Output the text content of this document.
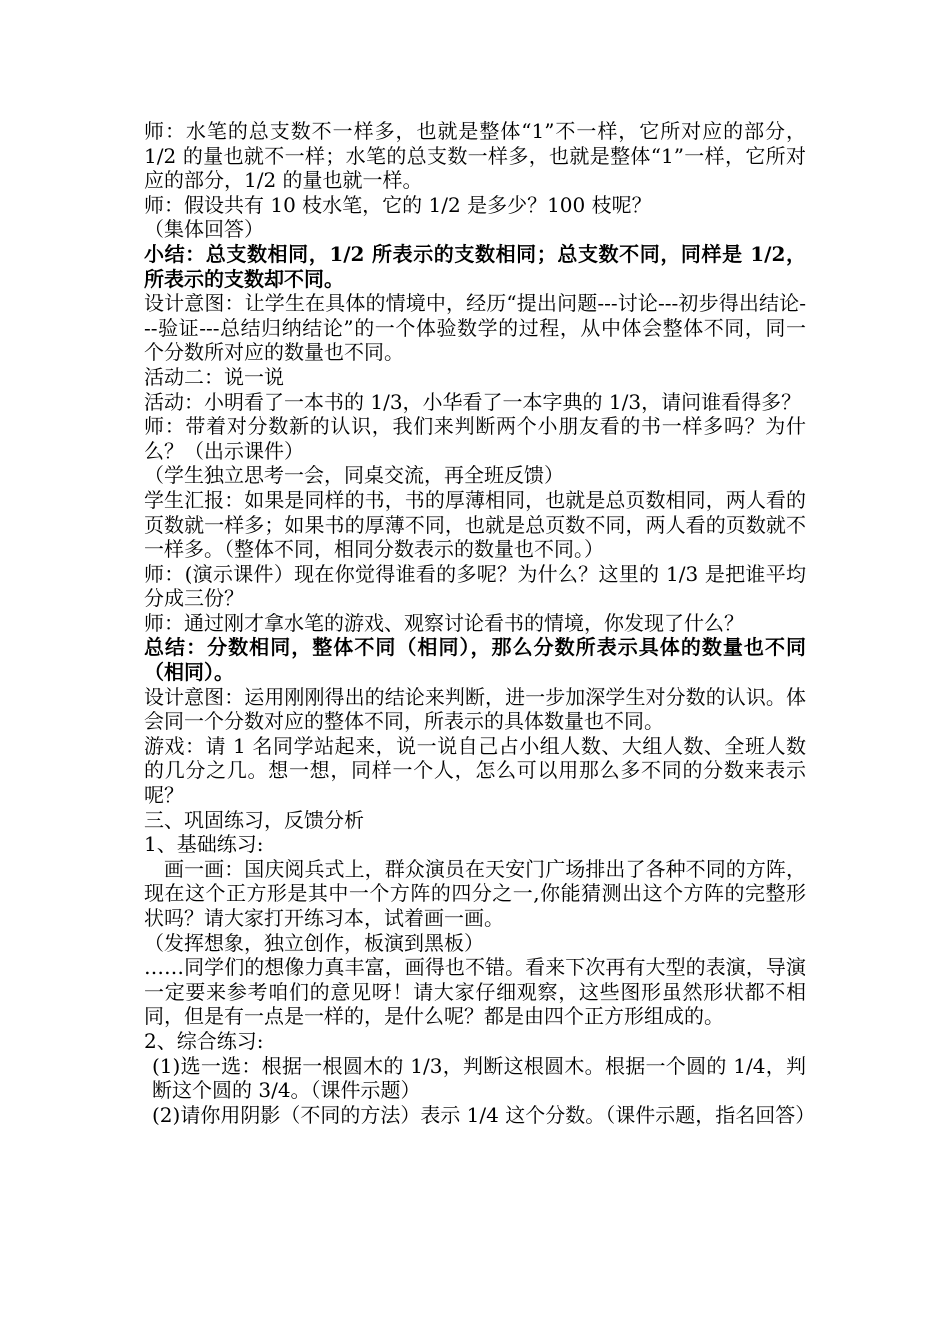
师：水笔的总支数不一样多，也就是整体“1”不一样，它所对应的部分，1/2 的量也就不一样；水笔的总支数一样多，也就是整体“1”一样，它所对应的部分，1/2 的量也就一样。

师：假设共有 10 枝水笔，它的 1/2 是多少？100 枝呢？

（集体回答）

小结：总支数相同，1/2 所表示的支数相同；总支数不同，同样是 1/2，所表示的支数却不同。

设计意图：让学生在具体的情境中，经历“提出问题---讨论---初步得出结论---验证---总结归纳结论”的一个体验数学的过程，从中体会整体不同，同一个分数所对应的数量也不同。

活动二：说一说

活动：小明看了一本书的 1/3，小华看了一本字典的 1/3，请问谁看得多？

师：带着对分数新的认识，我们来判断两个小朋友看的书一样多吗？为什么？（出示课件）

（学生独立思考一会，同桌交流，再全班反馈）

学生汇报：如果是同样的书，书的厚薄相同，也就是总页数相同，两人看的页数就一样多；如果书的厚薄不同，也就是总页数不同，两人看的页数就不一样多。（整体不同，相同分数表示的数量也不同。）

师：(演示课件）现在你觉得谁看的多呢？为什么？这里的 1/3 是把谁平均分成三份？

师：通过刚才拿水笔的游戏、观察讨论看书的情境，你发现了什么？

总结：分数相同，整体不同（相同），那么分数所表示具体的数量也不同（相同）。

设计意图：运用刚刚得出的结论来判断，进一步加深学生对分数的认识。体会同一个分数对应的整体不同，所表示的具体数量也不同。

游戏：请 1 名同学站起来，说一说自己占小组人数、大组人数、全班人数的几分之几。想一想，同样一个人，怎么可以用那么多不同的分数来表示呢？

三、巩固练习，反馈分析

1、基础练习:

画一画：国庆阅兵式上，群众演员在天安门广场排出了各种不同的方阵，现在这个正方形是其中一个方阵的四分之一,你能猜测出这个方阵的完整形状吗？请大家打开练习本，试着画一画。

（发挥想象，独立创作，板演到黑板）

……同学们的想像力真丰富，画得也不错。看来下次再有大型的表演，导演一定要来参考咱们的意见呀！请大家仔细观察，这些图形虽然形状都不相同，但是有一点是一样的，是什么呢？都是由四个正方形组成的。

2、综合练习:

(1)选一选：根据一根圆木的 1/3，判断这根圆木。根据一个圆的 1/4，判断这个圆的 3/4。（课件示题）

(2)请你用阴影（不同的方法）表示 1/4 这个分数。（课件示题，指名回答）
